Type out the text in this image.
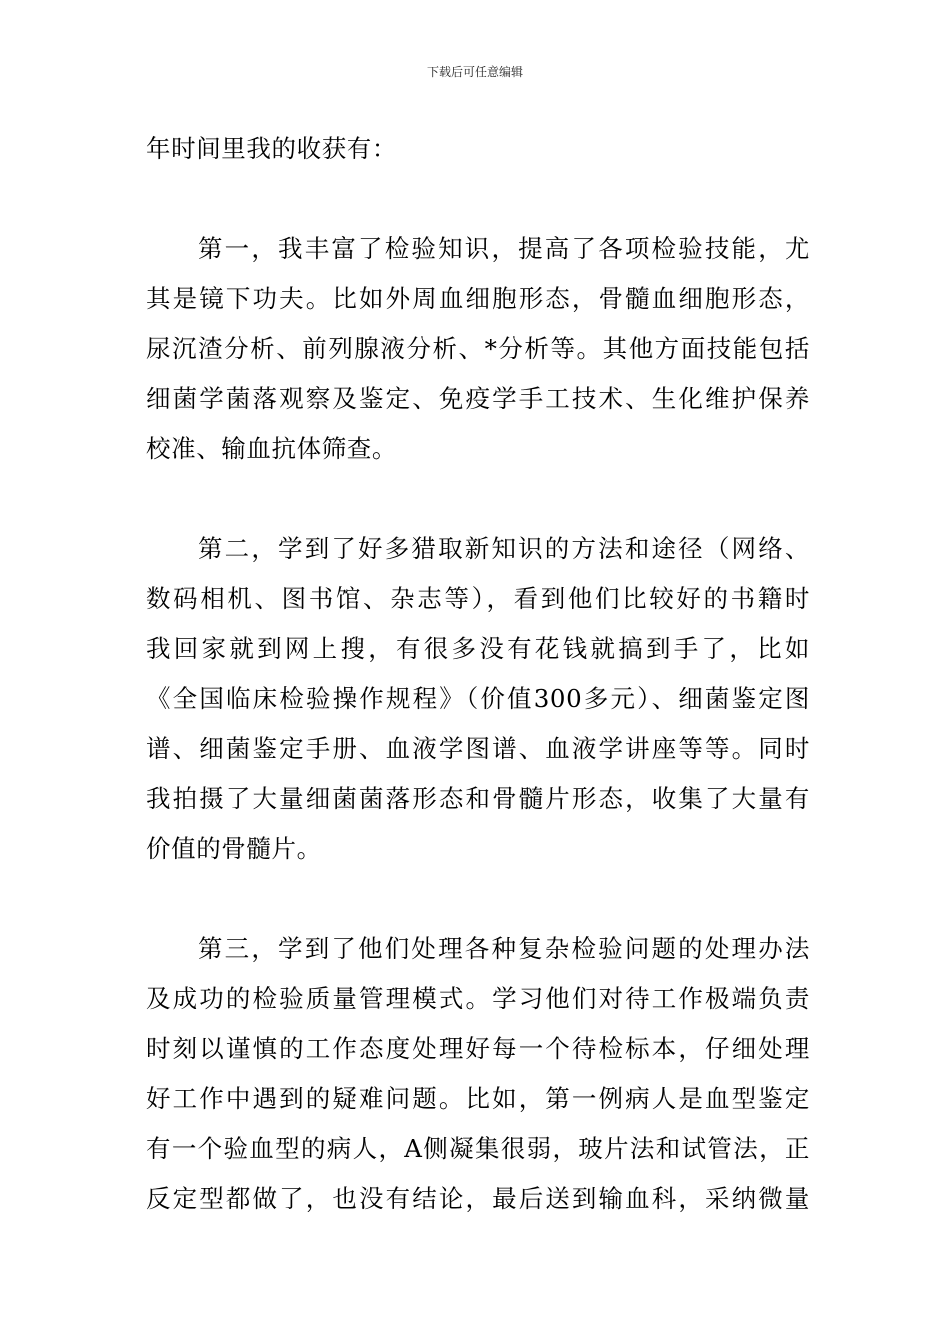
下载后可任意编辑
年时间里我的收获有：
第一，我丰富了检验知识，提高了各项检验技能，尤
其是镜下功夫。比如外周血细胞形态，骨髓血细胞形态，
尿沉渣分析、前列腺液分析、*分析等。其他方面技能包括
细菌学菌落观察及鉴定、免疫学手工技术、生化维护保养
校准、输血抗体筛查。
第二，学到了好多猎取新知识的方法和途径（网络、
数码相机、图书馆、杂志等），看到他们比较好的书籍时
我回家就到网上搜，有很多没有花钱就搞到手了，比如
《全国临床检验操作规程》（价值300多元）、细菌鉴定图
谱、细菌鉴定手册、血液学图谱、血液学讲座等等。同时
我拍摄了大量细菌菌落形态和骨髓片形态，收集了大量有
价值的骨髓片。
第三，学到了他们处理各种复杂检验问题的处理办法
及成功的检验质量管理模式。学习他们对待工作极端负责
时刻以谨慎的工作态度处理好每一个待检标本，仔细处理
好工作中遇到的疑难问题。比如，第一例病人是血型鉴定
有一个验血型的病人，A侧凝集很弱，玻片法和试管法，正
反定型都做了，也没有结论，最后送到输血科，采纳微量
